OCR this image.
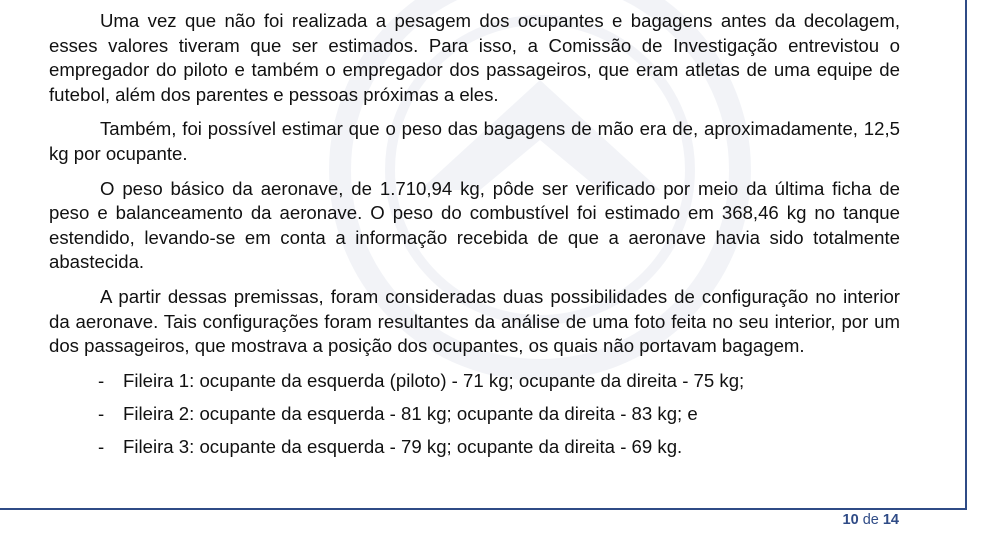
Uma vez que não foi realizada a pesagem dos ocupantes e bagagens antes da decolagem, esses valores tiveram que ser estimados. Para isso, a Comissão de Investigação entrevistou o empregador do piloto e também o empregador dos passageiros, que eram atletas de uma equipe de futebol, além dos parentes e pessoas próximas a eles.

Também, foi possível estimar que o peso das bagagens de mão era de, aproximadamente, 12,5 kg por ocupante.

O peso básico da aeronave, de 1.710,94 kg, pôde ser verificado por meio da última ficha de peso e balanceamento da aeronave. O peso do combustível foi estimado em 368,46 kg no tanque estendido, levando-se em conta a informação recebida de que a aeronave havia sido totalmente abastecida.

A partir dessas premissas, foram consideradas duas possibilidades de configuração no interior da aeronave. Tais configurações foram resultantes da análise de uma foto feita no seu interior, por um dos passageiros, que mostrava a posição dos ocupantes, os quais não portavam bagagem.

- Fileira 1: ocupante da esquerda (piloto) - 71 kg; ocupante da direita - 75 kg;
- Fileira 2: ocupante da esquerda - 81 kg; ocupante da direita - 83 kg; e
- Fileira 3: ocupante da esquerda - 79 kg; ocupante da direita - 69 kg.
10 de 14
